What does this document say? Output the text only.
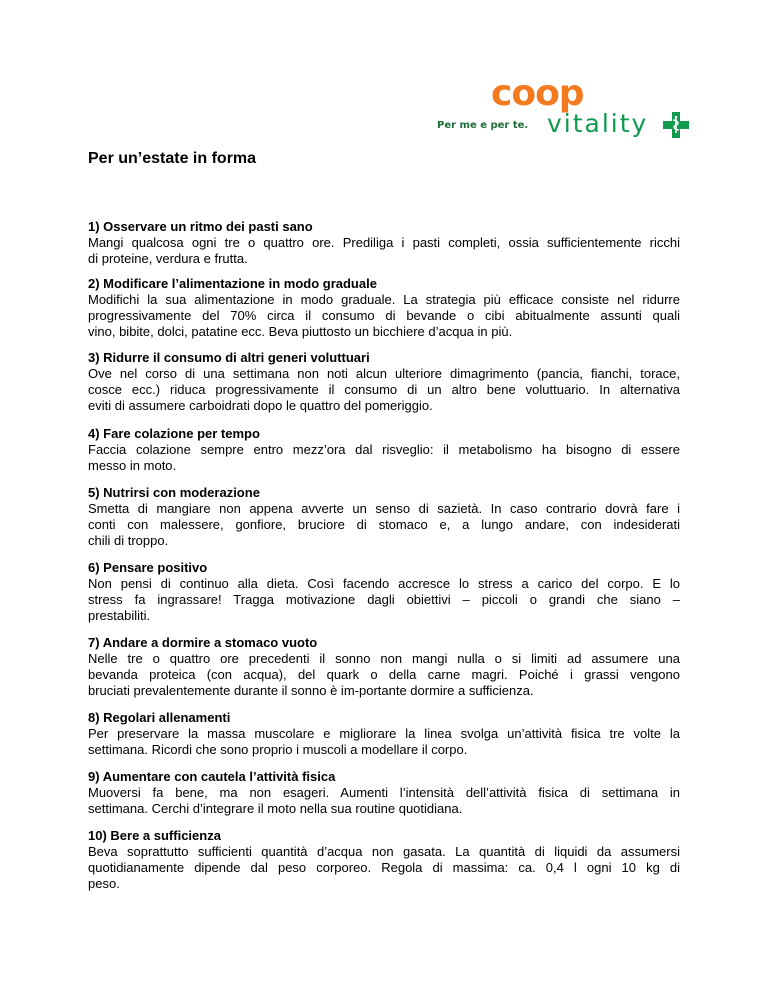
coop
Per me e per te. vitality
Per un’estate in forma
1) Osservare un ritmo dei pasti sano
Mangi qualcosa ogni tre o quattro ore. Prediliga i pasti completi, ossia sufficientemente ricchi
di proteine, verdura e frutta.
2) Modificare l’alimentazione in modo graduale
Modifichi la sua alimentazione in modo graduale. La strategia più efficace consiste nel ridurre
progressivamente del 70% circa il consumo di bevande o cibi abitualmente assunti quali
vino, bibite, dolci, patatine ecc. Beva piuttosto un bicchiere d’acqua in più.
3) Ridurre il consumo di altri generi voluttuari
Ove nel corso di una settimana non noti alcun ulteriore dimagrimento (pancia, fianchi, torace,
cosce ecc.) riduca progressivamente il consumo di un altro bene voluttuario. In alternativa
eviti di assumere carboidrati dopo le quattro del pomeriggio.
4) Fare colazione per tempo
Faccia colazione sempre entro mezz’ora dal risveglio: il metabolismo ha bisogno di essere
messo in moto.
5) Nutrirsi con moderazione
Smetta di mangiare non appena avverte un senso di sazietà. In caso contrario dovrà fare i
conti con malessere, gonfiore, bruciore di stomaco e, a lungo andare, con indesiderati
chili di troppo.
6) Pensare positivo
Non pensi di continuo alla dieta. Così facendo accresce lo stress a carico del corpo. E lo
stress fa ingrassare! Tragga motivazione dagli obiettivi – piccoli o grandi che siano –
prestabiliti.
7) Andare a dormire a stomaco vuoto
Nelle tre o quattro ore precedenti il sonno non mangi nulla o si limiti ad assumere una
bevanda proteica (con acqua), del quark o della carne magri. Poiché i grassi vengono
bruciati prevalentemente durante il sonno è im-portante dormire a sufficienza.
8) Regolari allenamenti
Per preservare la massa muscolare e migliorare la linea svolga un’attività fisica tre volte la
settimana. Ricordi che sono proprio i muscoli a modellare il corpo.
9) Aumentare con cautela l’attività fisica
Muoversi fa bene, ma non esageri. Aumenti l’intensità dell’attività fisica di settimana in
settimana. Cerchi d’integrare il moto nella sua routine quotidiana.
10) Bere a sufficienza
Beva soprattutto sufficienti quantità d’acqua non gasata. La quantità di liquidi da assumersi
quotidianamente dipende dal peso corporeo. Regola di massima: ca. 0,4 l ogni 10 kg di
peso.
